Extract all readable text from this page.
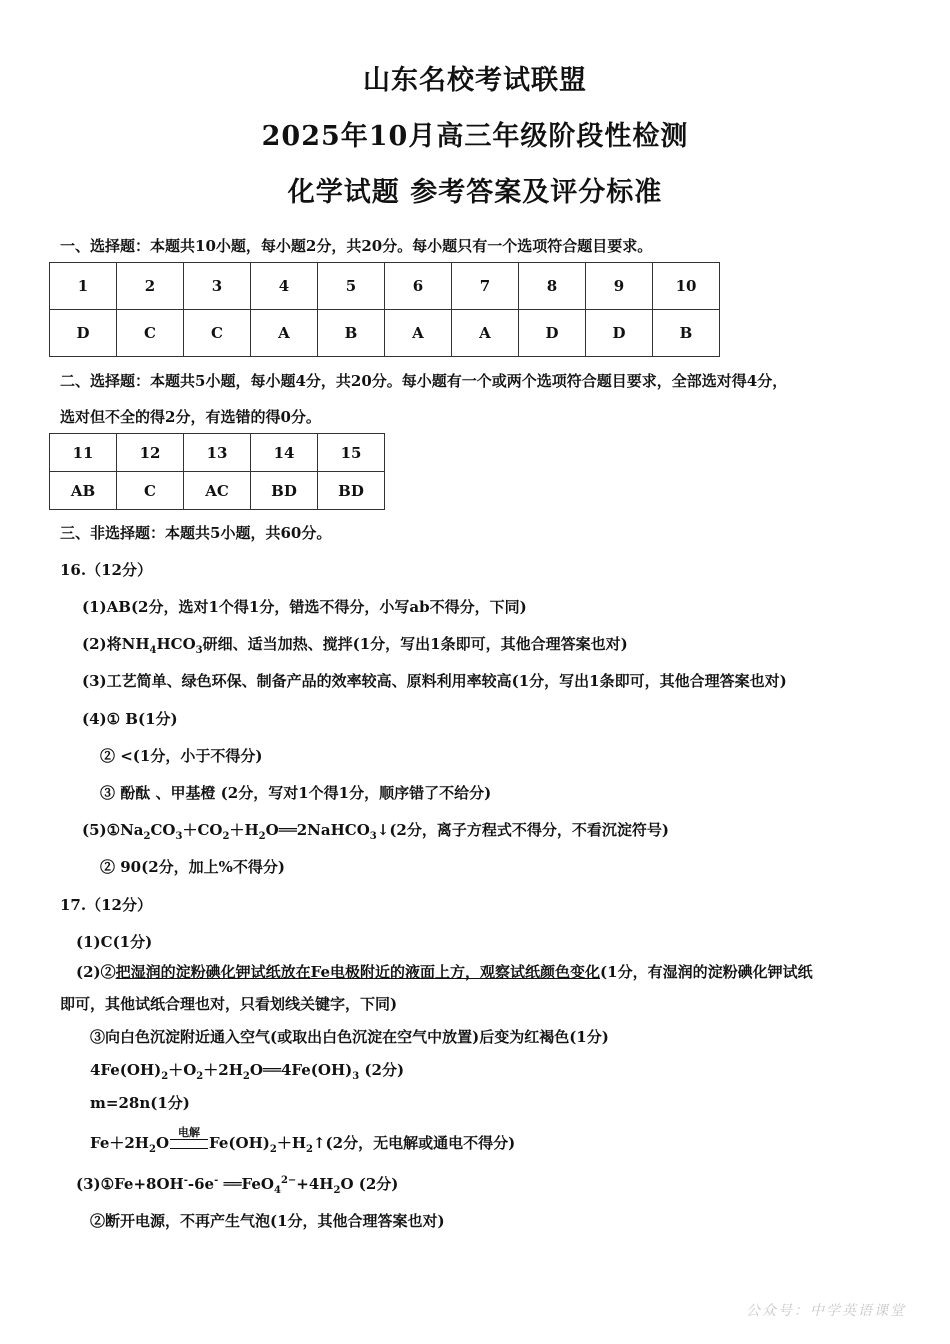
山东名校考试联盟
2025年10月高三年级阶段性检测
化学试题 参考答案及评分标准
一、选择题：本题共10小题，每小题2分，共20分。每小题只有一个选项符合题目要求。
1	2	3	4	5	6	7	8	9	10
D	C	C	A	B	A	A	D	D	B
二、选择题：本题共5小题，每小题4分，共20分。每小题有一个或两个选项符合题目要求，全部选对得4分，
选对但不全的得2分，有选错的得0分。
11	12	13	14	15
AB	C	AC	BD	BD
三、非选择题：本题共5小题，共60分。
16.（12分）
(1)AB(2分，选对1个得1分，错选不得分，小写ab不得分，下同)
(2)将$NH_4HCO_3$研细、适当加热、搅拌(1分，写出1条即可，其他合理答案也对)
(3)工艺简单、绿色环保、制备产品的效率较高、原料利用率较高(1分，写出1条即可，其他合理答案也对)
(4)① B(1分)
② <(1分，小于不得分)
③ 酚酞 、甲基橙 (2分，写对1个得1分，顺序错了不给分)
$(5)①Na_2CO_3+CO_2+H_2O══2NaHCO_3↓(2$分，离子方程式不得分，不看沉淀符号)
② 90(2分，加上%不得分)
17.（12分）
(1)C(1分)
(2)②把湿润的淀粉碘化钾试纸放在Fe电极附近的液面上方，观察试纸颜色变化(1分，有湿润的淀粉碘化钾试纸
即可，其他试纸合理也对，只看划线关键字，下同)
③向白色沉淀附近通入空气(或取出白色沉淀在空气中放置)后变为红褐色(1分)
$4Fe(OH)_2+O_2+2H_2O══4Fe(OH)_3$ (2分)
m=28n(1分)
$Fe+2H_2O$
电解
$Fe(OH)_2+H_2↑(2$分，无电解或通电不得分)
(3)①Fe+8OH--6e- $══FeO_4^{2-}+4H_2O$ (2分)
②断开电源，不再产生气泡(1分，其他合理答案也对)
公众号：中学英语课堂
